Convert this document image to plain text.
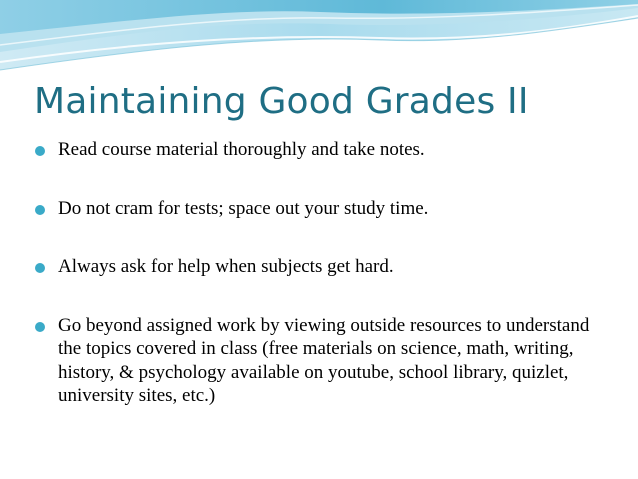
Maintaining Good Grades II
Read course material thoroughly and take notes.
Do not cram for tests; space out your study time.
Always ask for help when subjects get hard.
Go beyond assigned work by viewing outside resources to understand the topics covered in class (free materials on science, math, writing, history, & psychology available on youtube, school library, quizlet, university sites, etc.)
